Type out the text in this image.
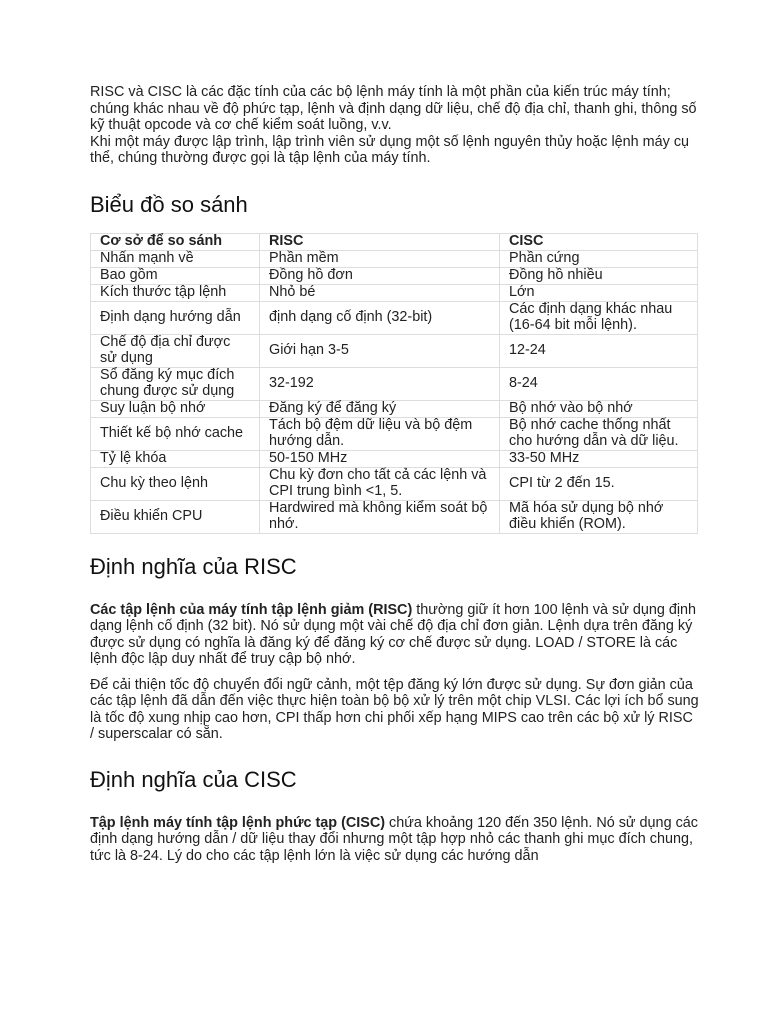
RISC và CISC là các đặc tính của các bộ lệnh máy tính là một phần của kiến trúc máy tính; chúng khác nhau về độ phức tạp, lệnh và định dạng dữ liệu, chế độ địa chỉ, thanh ghi, thông số kỹ thuật opcode và cơ chế kiểm soát luồng, v.v.

Khi một máy được lập trình, lập trình viên sử dụng một số lệnh nguyên thủy hoặc lệnh máy cụ thể, chúng thường được gọi là tập lệnh của máy tính.

Biểu đồ so sánh
Cơ sở để so sánh	RISC	CISC
Nhấn mạnh về	Phần mềm	Phần cứng
Bao gồm	Đồng hồ đơn	Đồng hồ nhiều
Kích thước tập lệnh	Nhỏ bé	Lớn
Định dạng hướng dẫn	định dạng cố định (32-bit)	Các định dạng khác nhau (16-64 bit mỗi lệnh).
Chế độ địa chỉ được sử dụng	Giới hạn 3-5	12-24
Sổ đăng ký mục đích chung được sử dụng	32-192	8-24
Suy luận bộ nhớ	Đăng ký để đăng ký	Bộ nhớ vào bộ nhớ
Thiết kế bộ nhớ cache	Tách bộ đệm dữ liệu và bộ đệm hướng dẫn.	Bộ nhớ cache thống nhất cho hướng dẫn và dữ liệu.
Tỷ lệ khóa	50-150 MHz	33-50 MHz
Chu kỳ theo lệnh	Chu kỳ đơn cho tất cả các lệnh và CPI trung bình <1, 5.	CPI từ 2 đến 15.
Điều khiển CPU	Hardwired mà không kiểm soát bộ nhớ.	Mã hóa sử dụng bộ nhớ điều khiển (ROM).
Định nghĩa của RISC

Các tập lệnh của máy tính tập lệnh giảm (RISC) thường giữ ít hơn 100 lệnh và sử dụng định dạng lệnh cố định (32 bit). Nó sử dụng một vài chế độ địa chỉ đơn giản. Lệnh dựa trên đăng ký được sử dụng có nghĩa là đăng ký để đăng ký cơ chế được sử dụng. LOAD / STORE là các lệnh độc lập duy nhất để truy cập bộ nhớ.

Để cải thiện tốc độ chuyển đổi ngữ cảnh, một tệp đăng ký lớn được sử dụng. Sự đơn giản của các tập lệnh đã dẫn đến việc thực hiện toàn bộ bộ xử lý trên một chip VLSI. Các lợi ích bổ sung là tốc độ xung nhịp cao hơn, CPI thấp hơn chi phối xếp hạng MIPS cao trên các bộ xử lý RISC / superscalar có sẵn.

Định nghĩa của CISC

Tập lệnh máy tính tập lệnh phức tạp (CISC) chứa khoảng 120 đến 350 lệnh. Nó sử dụng các định dạng hướng dẫn / dữ liệu thay đổi nhưng một tập hợp nhỏ các thanh ghi mục đích chung, tức là 8-24. Lý do cho các tập lệnh lớn là việc sử dụng các hướng dẫn
